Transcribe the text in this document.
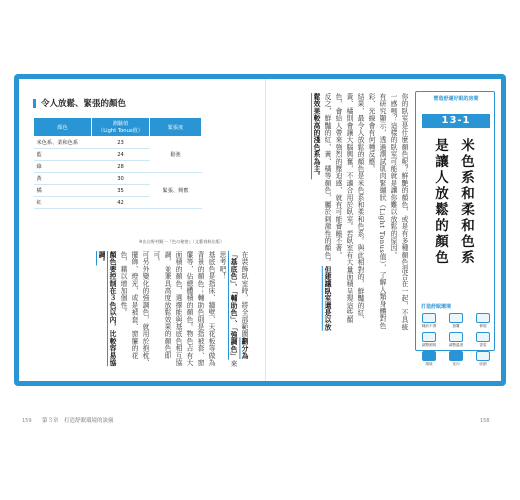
令人放鬆、緊張的顏色
顏色	測驗值
（Light Tonus值）	緊張度
米色系、柔和色系	23	鬆弛
藍	24	
綠	28	
黃	30	緊張、興奮
橘	35	
紅	42	
※出自野村順一『色の秘密』（文藝春秋出版）
在裝飾臥室時，將全部範圍劃分為「基底色」、「輔助色」、「強調色」來思考吧！
基底色是指床、牆壁、天花板等做為背景的顏色；輔助色則是指被套、窗簾等，佔總體積的顏色。物色占有大面積的顏色，選擇能與基底色相互協調，並兼具高度放鬆效果的顏色即可。
可另外變化的強調色，就用於抱枕、擺飾、燈光，或是被套、窗簾的花色，藉以增加個性。
顏色要控制在３色以內，比較容易協調。	你的臥室是什麼顏色呢？鮮艷的顏色，或是有多種顏色混合在一起，不具統一感嗎？這樣的臥室可能就是讓你難以放鬆的原因。
有研究顯示，透過測試肌肉緊繃狀（Light Tonus值），了解人類身體對色彩、光線會有何種反應。
結果，最令人放鬆的顏色是米色系和柔和色系。與此相對的，鮮豔的紅、黃、橘則會讓大腦興奮，不適合用於臥室。若臥室有大量面積呈現這些顏色，會給人帶來強烈的壓迫感，就有可能會睡不著。
反之，鮮豔的紅、黃、橘等顏色，屬於刺激性的顏色。但建議臥室還是以放鬆效果較高的淺色系為主。	營造舒適好眠的房間
13-1
米色系和柔和色系
是讓人放鬆的顏色
打造舒眠環境
睡前不滑	窗簾	伸展
調整照明	調整溫度	香氛
環境	室內	收納
159 第３章　打造舒眠環境的訣竅	158
